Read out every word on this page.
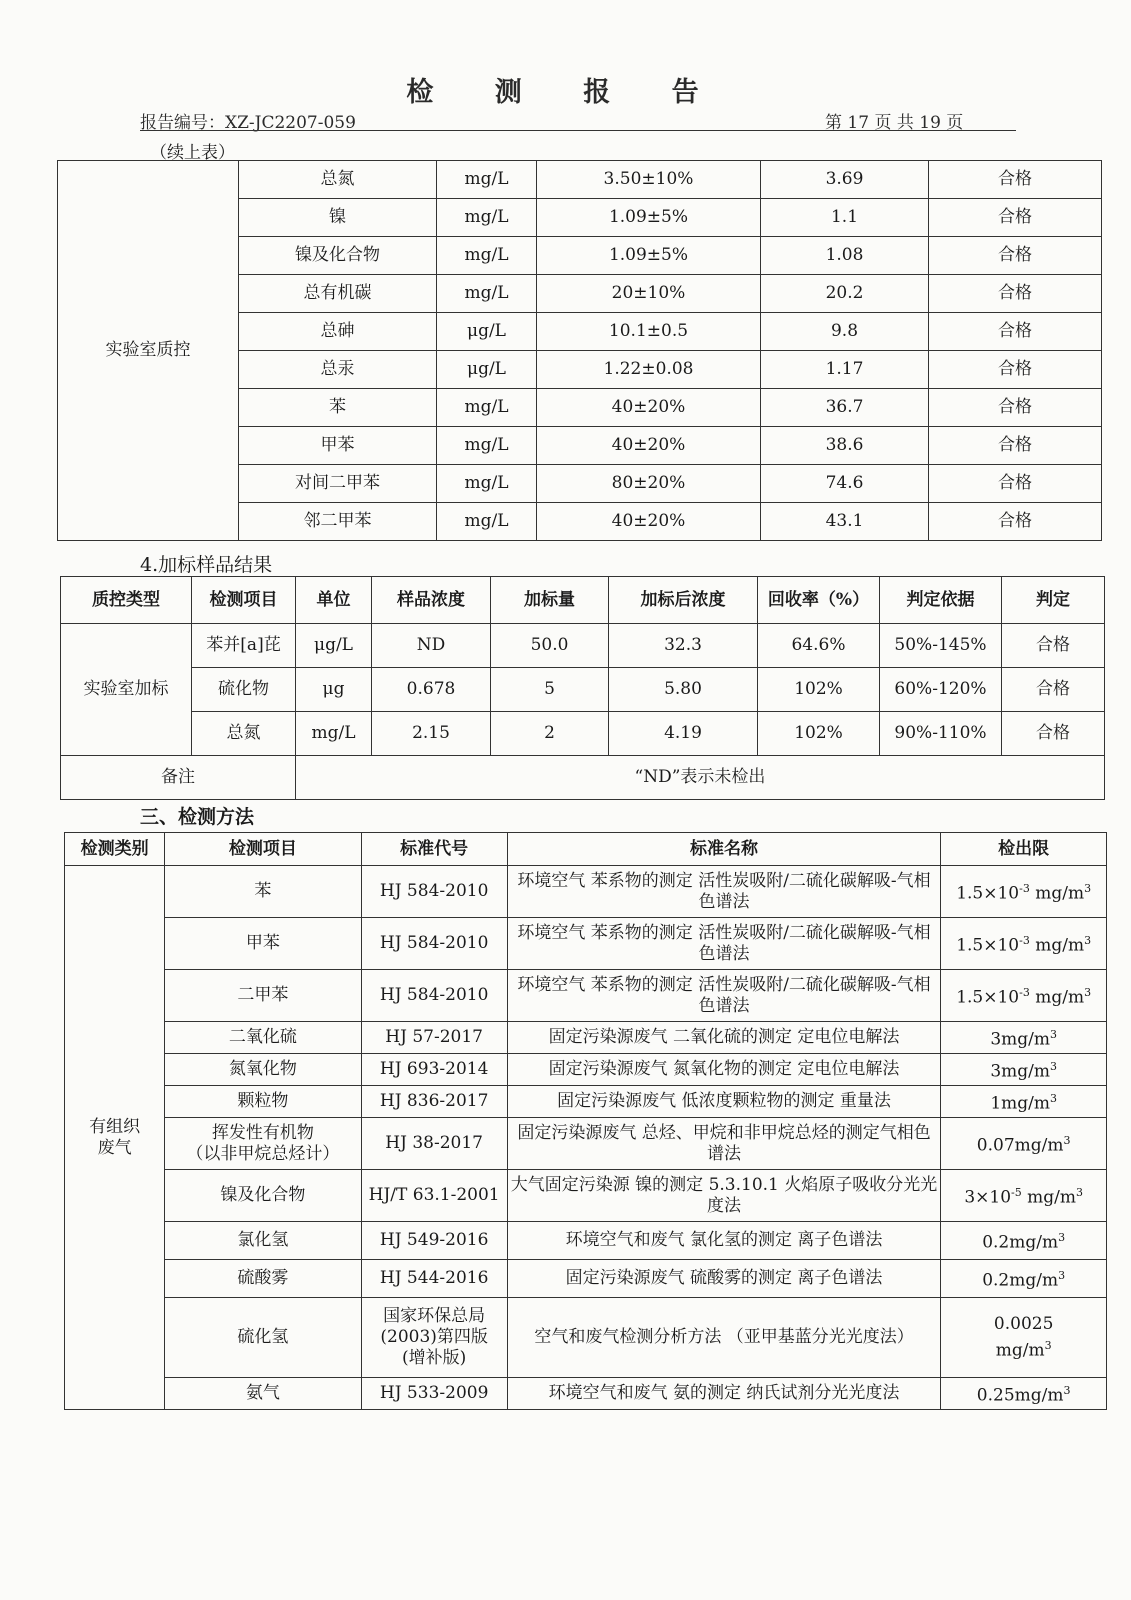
检 测 报 告
报告编号：XZ-JC2207-059	第 17 页 共 19 页
（续上表）
实验室质控	总氮	mg/L	3.50±10%	3.69	合格
	镍	mg/L	1.09±5%	1.1	合格
	镍及化合物	mg/L	1.09±5%	1.08	合格
	总有机碳	mg/L	20±10%	20.2	合格
	总砷	μg/L	10.1±0.5	9.8	合格
	总汞	μg/L	1.22±0.08	1.17	合格
	苯	mg/L	40±20%	36.7	合格
	甲苯	mg/L	40±20%	38.6	合格
	对间二甲苯	mg/L	80±20%	74.6	合格
	邻二甲苯	mg/L	40±20%	43.1	合格
4.加标样品结果
质控类型	检测项目	单位	样品浓度	加标量	加标后浓度	回收率（%）	判定依据	判定
实验室加标	苯并[a]芘	μg/L	ND	50.0	32.3	64.6%	50%-145%	合格
	硫化物	μg	0.678	5	5.80	102%	60%-120%	合格
	总氮	mg/L	2.15	2	4.19	102%	90%-110%	合格
备注		“ND”表示未检出						
三、检测方法
检测类别	检测项目	标准代号	标准名称	检出限
有组织
废气	苯	HJ 584-2010	环境空气 苯系物的测定 活性炭吸附/二硫化碳解吸-气相色谱法	$1.5\times 10^{-3}$ $mg/m^3$
	甲苯	HJ 584-2010	环境空气 苯系物的测定 活性炭吸附/二硫化碳解吸-气相色谱法	$1.5\times 10^{-3}$ $mg/m^3$
	二甲苯	HJ 584-2010	环境空气 苯系物的测定 活性炭吸附/二硫化碳解吸-气相色谱法	$1.5\times 10^{-3}$ $mg/m^3$
	二氧化硫	HJ 57-2017	固定污染源废气 二氧化硫的测定 定电位电解法	$3mg/m^3$
	氮氧化物	HJ 693-2014	固定污染源废气 氮氧化物的测定 定电位电解法	$3mg/m^3$
	颗粒物	HJ 836-2017	固定污染源废气 低浓度颗粒物的测定 重量法	$1mg/m^3$
	挥发性有机物
（以非甲烷总烃计）	HJ 38-2017	固定污染源废气 总烃、甲烷和非甲烷总烃的测定气相色谱法	$0.07mg/m^3$
	镍及化合物	HJ/T 63.1-2001	大气固定污染源 镍的测定 5.3.10.1 火焰原子吸收分光光度法	$3\times 10^{-5}$ $mg/m^3$
	氯化氢	HJ 549-2016	环境空气和废气 氯化氢的测定 离子色谱法	$0.2mg/m^3$
	硫酸雾	HJ 544-2016	固定污染源废气 硫酸雾的测定 离子色谱法	$0.2mg/m^3$
	硫化氢	国家环保总局
(2003)第四版
(增补版)	空气和废气检测分析方法 （亚甲基蓝分光光度法）	0.0025
$mg/m^3$
	氨气	HJ 533-2009	环境空气和废气 氨的测定 纳氏试剂分光光度法	$0.25mg/m^3$
